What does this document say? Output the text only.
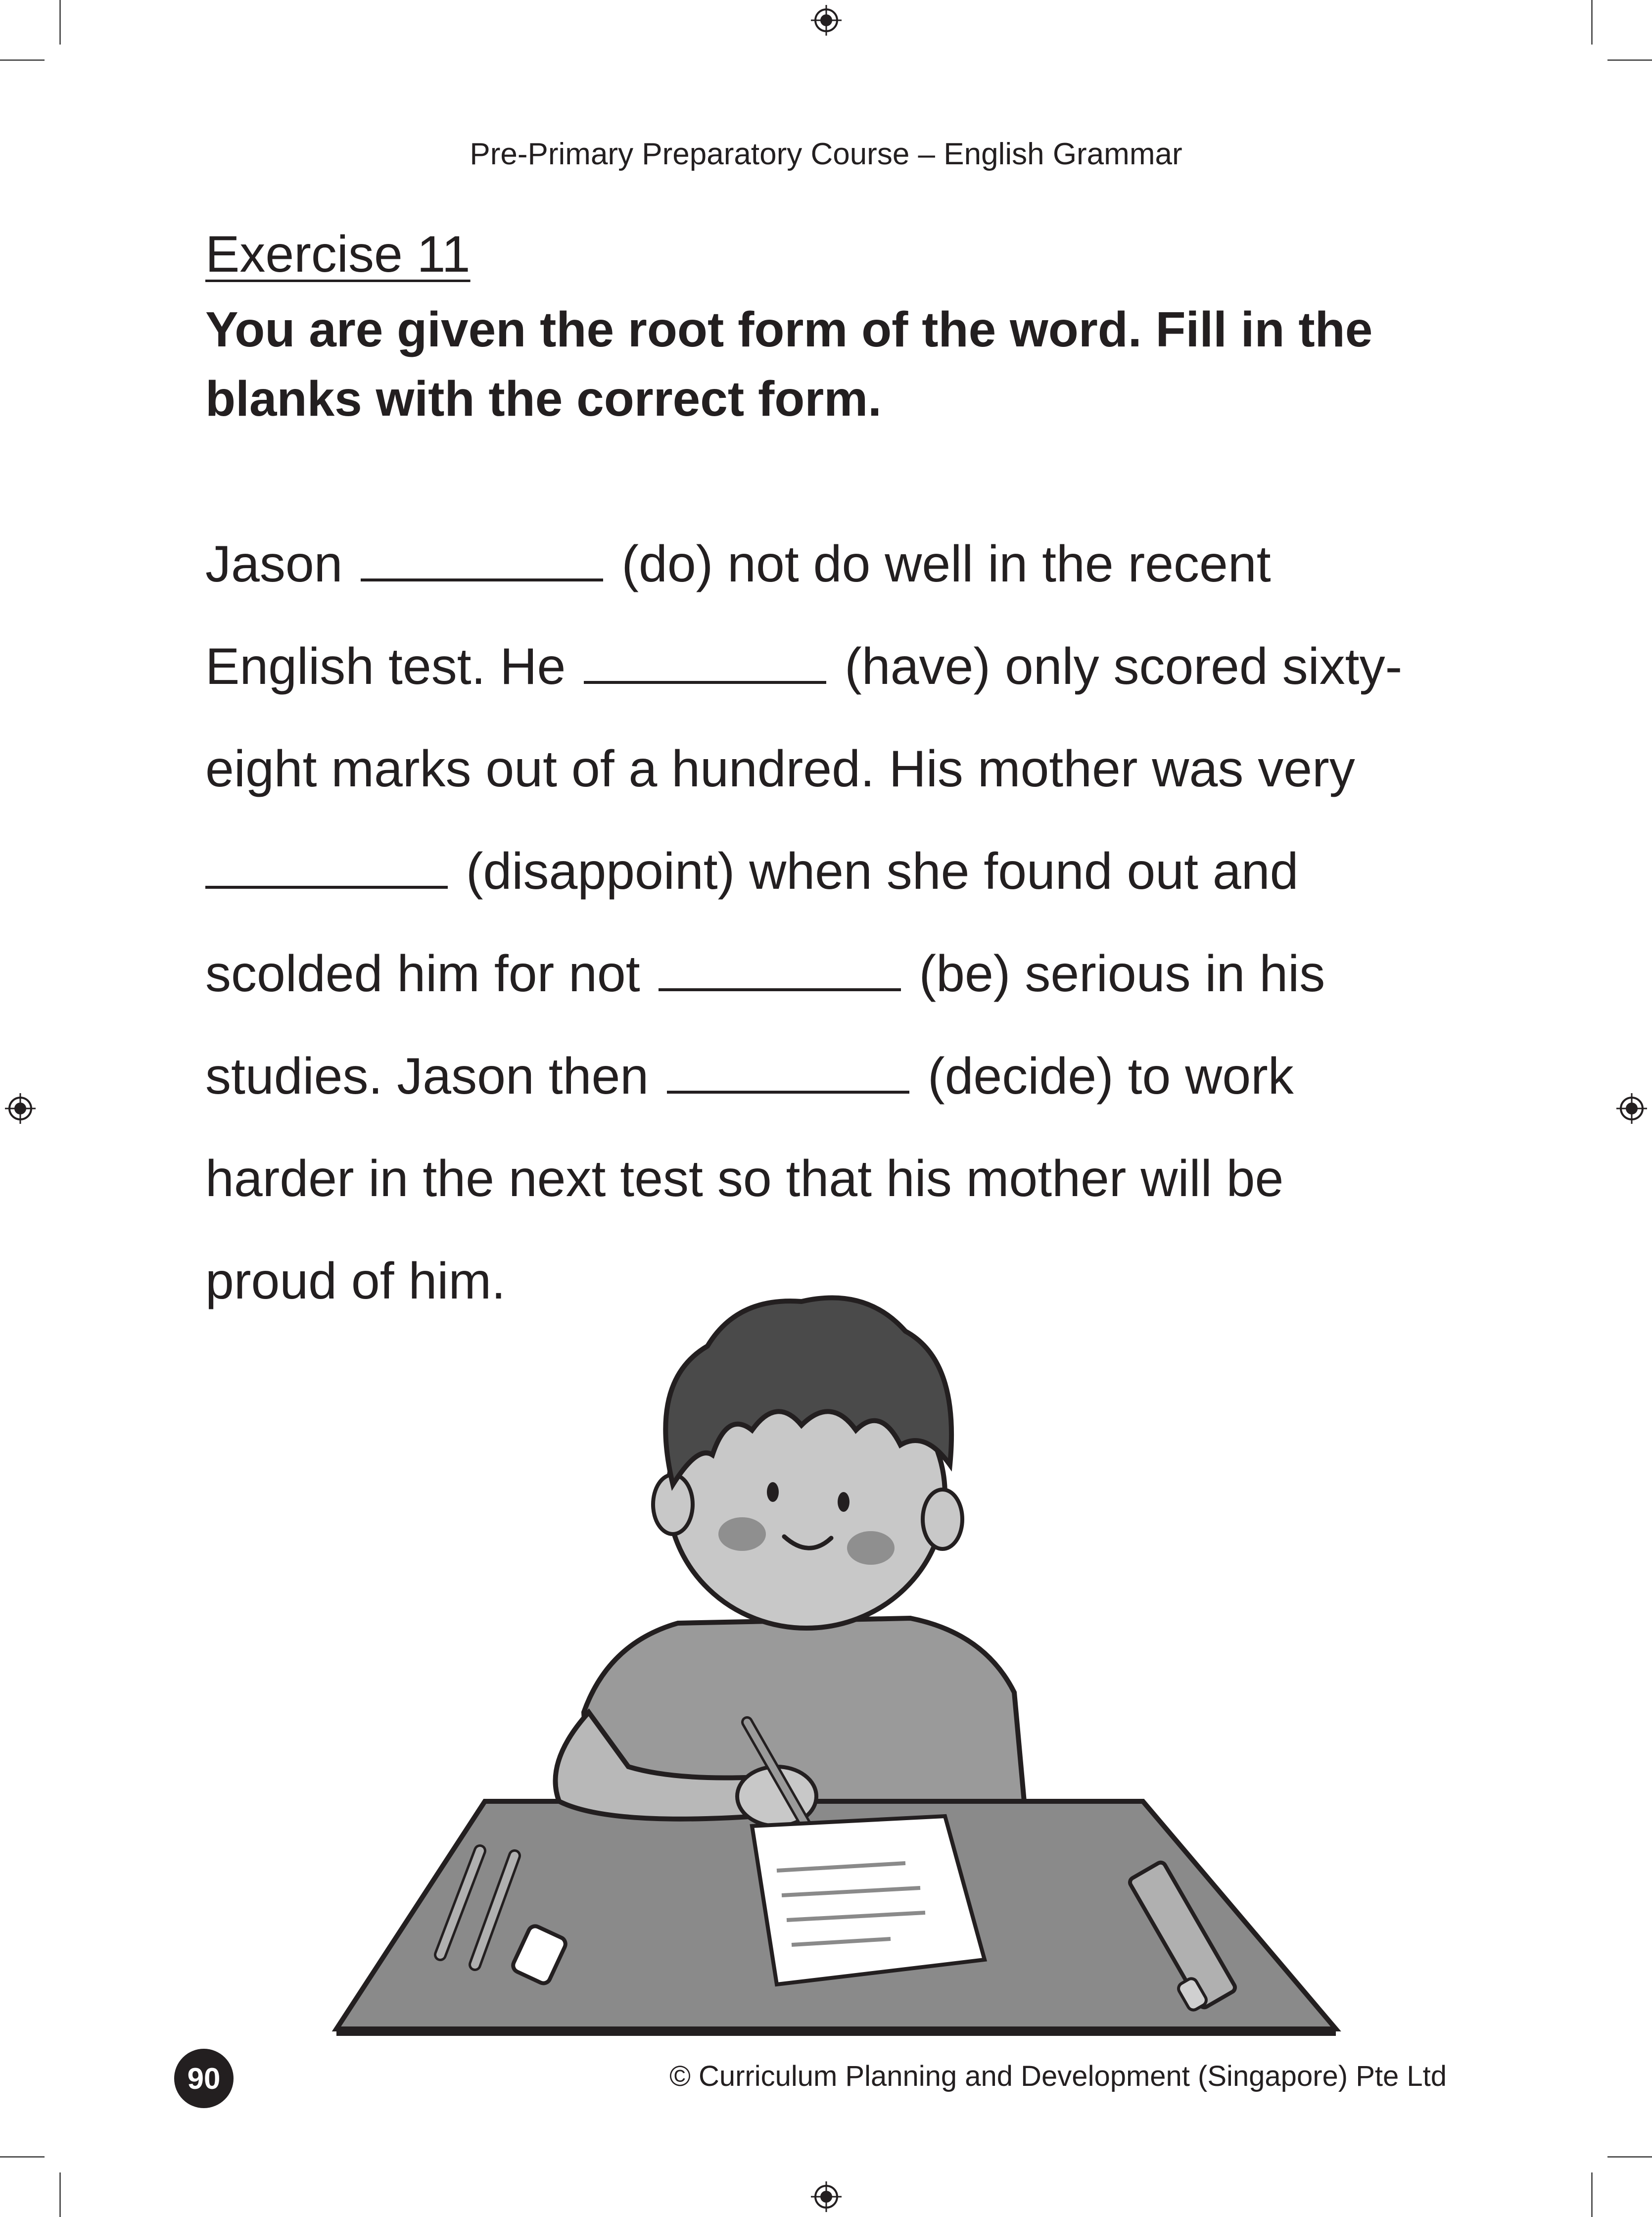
Pre-Primary Preparatory Course – English Grammar
Exercise 11
You are given the root form of the word. Fill in the blanks with the correct form.
Jason	(do) not do well in the recent
English test. He	(have) only scored sixty-
eight marks out of a hundred. His mother was very
(disappoint) when she found out and
scolded him for not	(be) serious in his
studies. Jason then	(decide) to work
harder in the next test so that his mother will be
proud of him.
90	© Curriculum Planning and Development (Singapore) Pte Ltd
